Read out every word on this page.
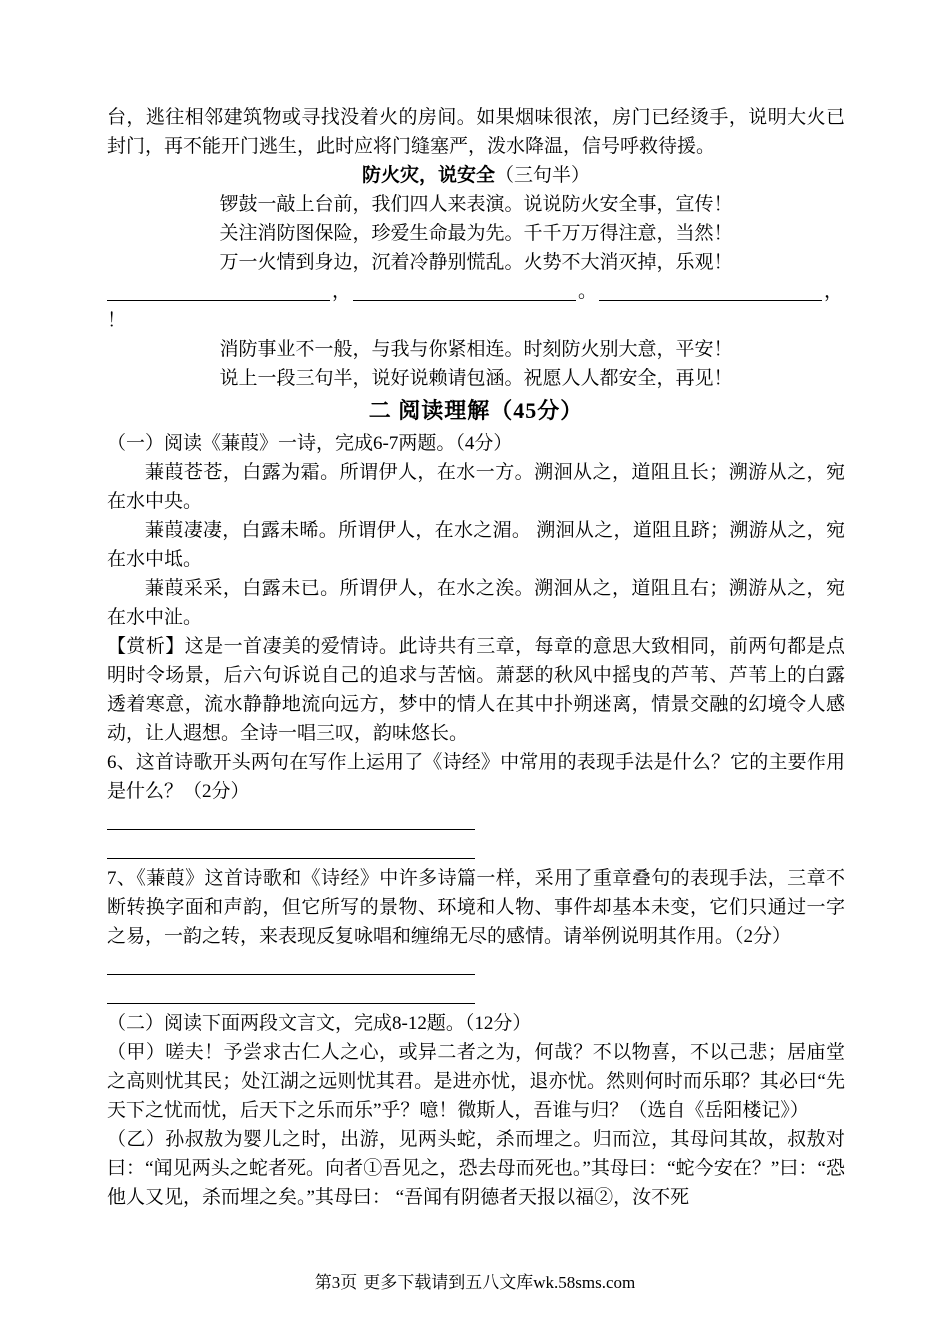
台，逃往相邻建筑物或寻找没着火的房间。如果烟味很浓，房门已经烫手，说明大火已封门，再不能开门逃生，此时应将门缝塞严，泼水降温，信号呼救待援。

防火灾，说安全（三句半）

锣鼓一敲上台前，我们四人来表演。说说防火安全事，宣传！

关注消防图保险，珍爱生命最为先。千千万万得注意，当然！

万一火情到身边，沉着冷静别慌乱。火势不大消灭掉，乐观！

，	。	，

！

消防事业不一般，与我与你紧相连。时刻防火别大意，平安！

说上一段三句半，说好说赖请包涵。祝愿人人都安全，再见！

二 阅读理解（45分）

（一）阅读《蒹葭》一诗，完成6-7两题。（4分）

蒹葭苍苍，白露为霜。所谓伊人，在水一方。溯洄从之，道阻且长；溯游从之，宛在水中央。

蒹葭凄凄，白露未晞。所谓伊人，在水之湄。 溯洄从之，道阻且跻；溯游从之，宛在水中坻。

蒹葭采采，白露未已。所谓伊人，在水之涘。溯洄从之，道阻且右；溯游从之，宛在水中沚。

【赏析】这是一首凄美的爱情诗。此诗共有三章，每章的意思大致相同，前两句都是点明时令场景，后六句诉说自己的追求与苦恼。萧瑟的秋风中摇曳的芦苇、芦苇上的白露透着寒意，流水静静地流向远方，梦中的情人在其中扑朔迷离，情景交融的幻境令人感动，让人遐想。全诗一唱三叹，韵味悠长。

6、这首诗歌开头两句在写作上运用了《诗经》中常用的表现手法是什么？它的主要作用是什么？（2分）

7、《蒹葭》这首诗歌和《诗经》中许多诗篇一样，采用了重章叠句的表现手法，三章不断转换字面和声韵，但它所写的景物、环境和人物、事件却基本未变，它们只通过一字之易，一韵之转，来表现反复咏唱和缠绵无尽的感情。请举例说明其作用。（2分）

（二）阅读下面两段文言文，完成8-12题。（12分）

（甲）嗟夫！予尝求古仁人之心，或异二者之为，何哉？不以物喜，不以己悲；居庙堂之高则忧其民；处江湖之远则忧其君。是进亦忧，退亦忧。然则何时而乐耶？其必曰“先天下之忧而忧，后天下之乐而乐”乎？噫！微斯人，吾谁与归？（选自《岳阳楼记》）

（乙）孙叔敖为婴儿之时，出游，见两头蛇，杀而埋之。归而泣，其母问其故，叔敖对曰：“闻见两头之蛇者死。向者①吾见之，恐去母而死也。”其母曰：“蛇今安在？”曰：“恐他人又见，杀而埋之矣。”其母曰： “吾闻有阴德者天报以福②，汝不死

第3页 更多下载请到五八文库wk.58sms.com
